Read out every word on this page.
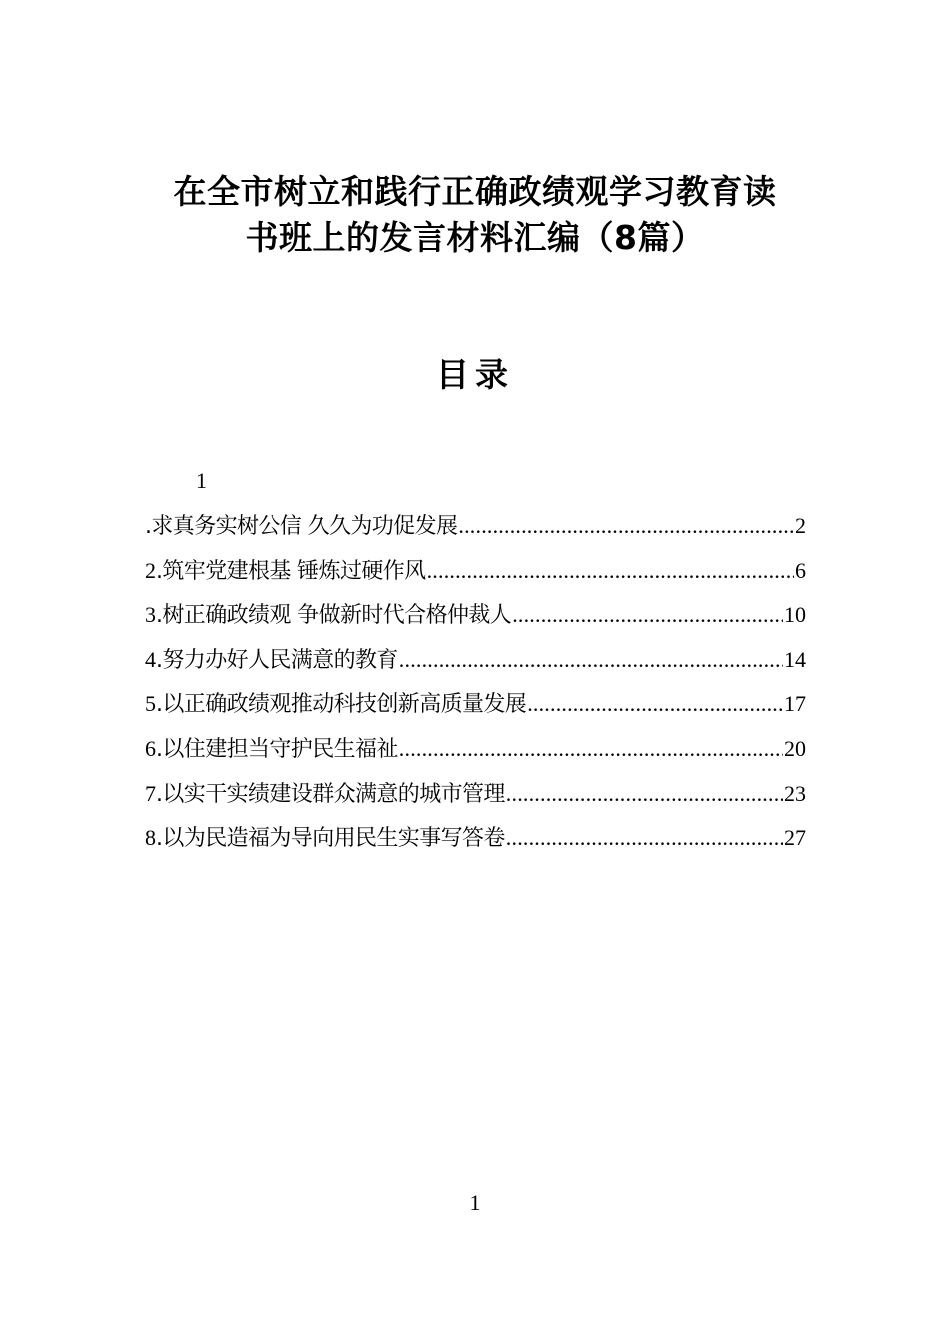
在全市树立和践行正确政绩观学习教育读
书班上的发言材料汇编（8篇）
目录
1
.求真务实树公信 久久为功促发展 .....	2
2 .筑牢党建根基 锤炼过硬作风 .....	6
3 .树正确政绩观 争做新时代合格仲裁人 .....	10
4 .努力办好人民满意的教育 .....	14
5 .以正确政绩观推动科技创新高质量发展 .....	17
6 .以住建担当守护民生福祉 .....	20
7 .以实干实绩建设群众满意的城市管理 .....	23
8 .以为民造福为导向用民生实事写答卷 .....	27
1
